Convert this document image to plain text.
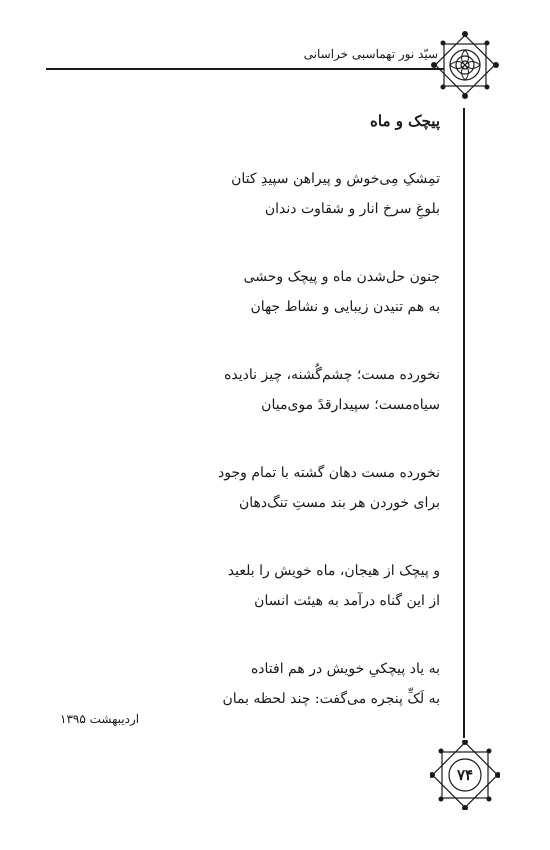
سیّد نور تهماسبی خراسانی
پیچک و ماه
تمِشکِ مِی‌خوش و پیراهن سپیدِ کتان
بلوغِ سرخ انار و شقاوت دندان
جنون حل‌شدن ماه و پیچک وحشی
به هم تنیدن زیبایی و نشاط جهان
نخورده مست؛ چشم‌گُشنه، چیز نادیده
سیاه‌مست؛ سپیدارقدً موی‌میان
نخورده مست دهان گشته با تمام وجود
برای خوردن هر بند مستِ تنگ‌دهان
و پیچک از هیجان، ماه خویش را بلعید
از این گناه درآمد به هیئت انسان
به یاد پیچکیِ خویش در هم افتاده
به لَکِّ پنجره می‌گفت: چند لحظه بمان
اردیبهشت ۱۳۹۵
۷۴
